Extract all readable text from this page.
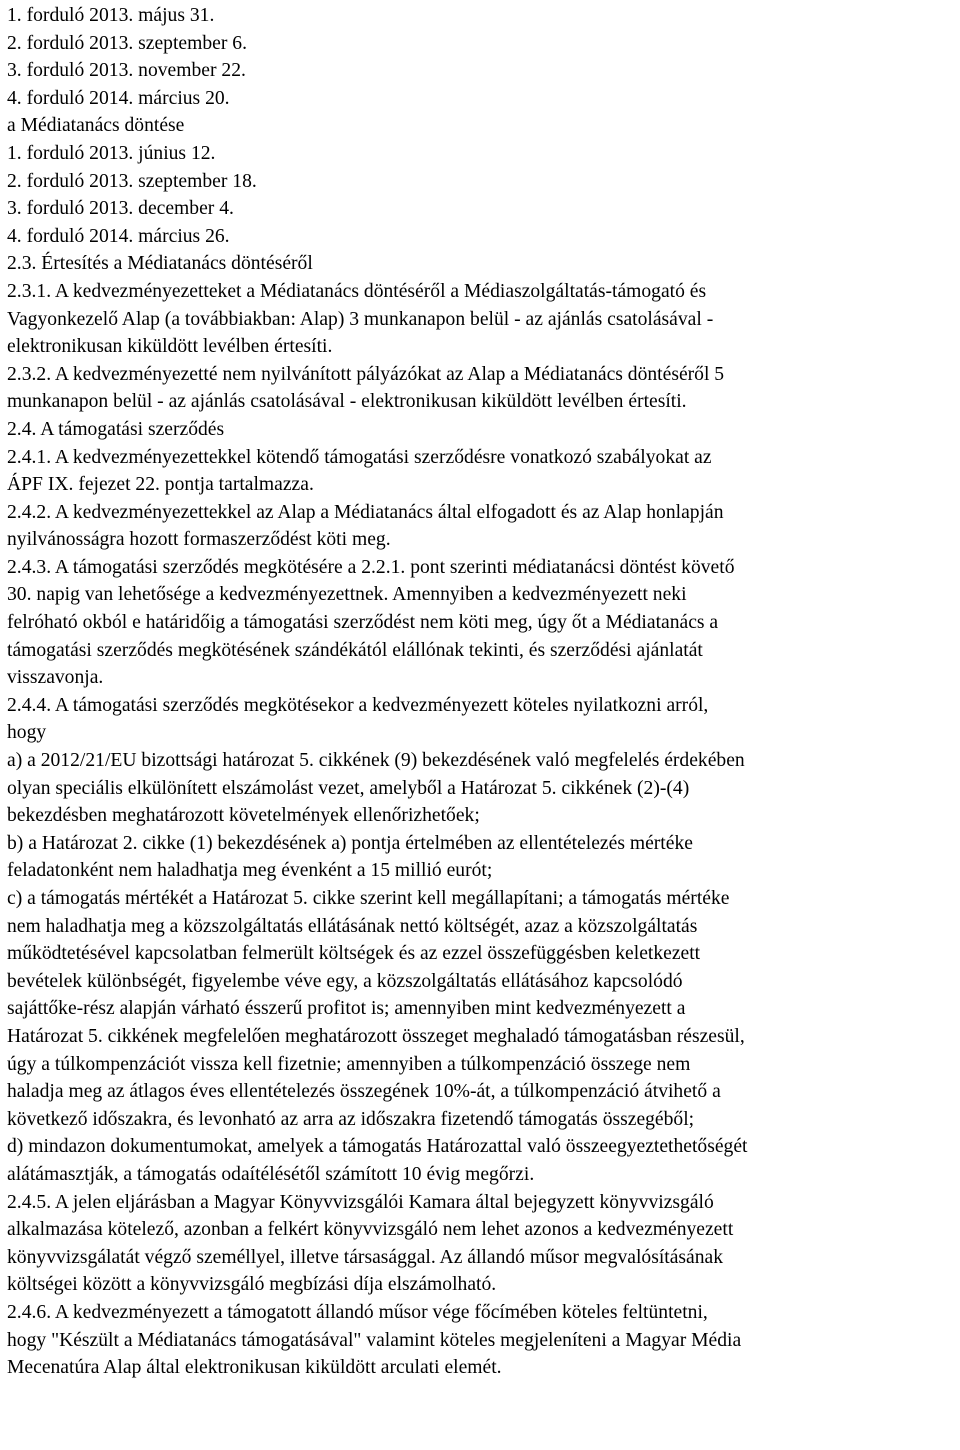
1. forduló 2013. május 31.
2. forduló 2013. szeptember 6.
3. forduló 2013. november 22.
4. forduló 2014. március 20.
a Médiatanács döntése
1. forduló 2013. június 12.
2. forduló 2013. szeptember 18.
3. forduló 2013. december 4.
4. forduló 2014. március 26.
2.3. Értesítés a Médiatanács döntéséről
2.3.1. A kedvezményezetteket a Médiatanács döntéséről a Médiaszolgáltatás-támogató és
Vagyonkezelő Alap (a továbbiakban: Alap) 3 munkanapon belül - az ajánlás csatolásával -
elektronikusan kiküldött levélben értesíti.
2.3.2. A kedvezményezetté nem nyilvánított pályázókat az Alap a Médiatanács döntéséről 5
munkanapon belül - az ajánlás csatolásával - elektronikusan kiküldött levélben értesíti.
2.4. A támogatási szerződés
2.4.1. A kedvezményezettekkel kötendő támogatási szerződésre vonatkozó szabályokat az
ÁPF IX. fejezet 22. pontja tartalmazza.
2.4.2. A kedvezményezettekkel az Alap a Médiatanács által elfogadott és az Alap honlapján
nyilvánosságra hozott formaszerződést köti meg.
2.4.3. A támogatási szerződés megkötésére a 2.2.1. pont szerinti médiatanácsi döntést követő
30. napig van lehetősége a kedvezményezettnek. Amennyiben a kedvezményezett neki
felróható okból e határidőig a támogatási szerződést nem köti meg, úgy őt a Médiatanács a
támogatási szerződés megkötésének szándékától elállónak tekinti, és szerződési ajánlatát
visszavonja.
2.4.4. A támogatási szerződés megkötésekor a kedvezményezett köteles nyilatkozni arról,
hogy
a) a 2012/21/EU bizottsági határozat 5. cikkének (9) bekezdésének való megfelelés érdekében
olyan speciális elkülönített elszámolást vezet, amelyből a Határozat 5. cikkének (2)-(4)
bekezdésben meghatározott követelmények ellenőrizhetőek;
b) a Határozat 2. cikke (1) bekezdésének a) pontja értelmében az ellentételezés mértéke
feladatonként nem haladhatja meg évenként a 15 millió eurót;
c) a támogatás mértékét a Határozat 5. cikke szerint kell megállapítani; a támogatás mértéke
nem haladhatja meg a közszolgáltatás ellátásának nettó költségét, azaz a közszolgáltatás
működtetésével kapcsolatban felmerült költségek és az ezzel összefüggésben keletkezett
bevételek különbségét, figyelembe véve egy, a közszolgáltatás ellátásához kapcsolódó
sajáttőke-rész alapján várható ésszerű profitot is; amennyiben mint kedvezményezett a
Határozat 5. cikkének megfelelően meghatározott összeget meghaladó támogatásban részesül,
úgy a túlkompenzációt vissza kell fizetnie; amennyiben a túlkompenzáció összege nem
haladja meg az átlagos éves ellentételezés összegének 10%-át, a túlkompenzáció átvihető a
következő időszakra, és levonható az arra az időszakra fizetendő támogatás összegéből;
d) mindazon dokumentumokat, amelyek a támogatás Határozattal való összeegyeztethetőségét
alátámasztják, a támogatás odaítélésétől számított 10 évig megőrzi.
2.4.5. A jelen eljárásban a Magyar Könyvvizsgálói Kamara által bejegyzett könyvvizsgáló
alkalmazása kötelező, azonban a felkért könyvvizsgáló nem lehet azonos a kedvezményezett
könyvvizsgálatát végző személlyel, illetve társasággal. Az állandó műsor megvalósításának
költségei között a könyvvizsgáló megbízási díja elszámolható.
2.4.6. A kedvezményezett a támogatott állandó műsor vége főcímében köteles feltüntetni,
hogy "Készült a Médiatanács támogatásával" valamint köteles megjeleníteni a Magyar Média
Mecenatúra Alap által elektronikusan kiküldött arculati elemét.
